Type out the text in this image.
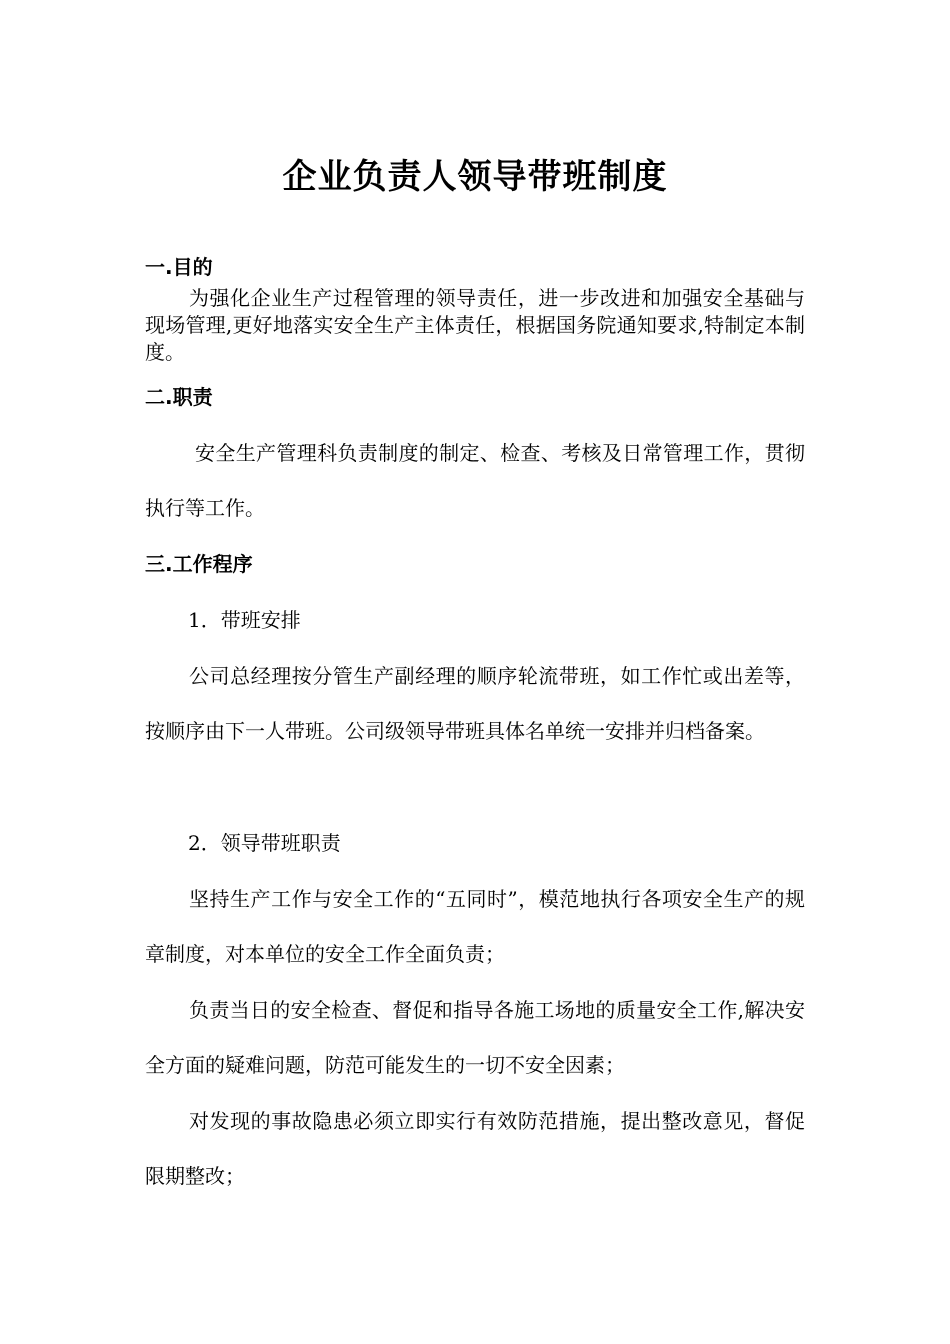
企业负责人领导带班制度
一.目的
为强化企业生产过程管理的领导责任，进一步改进和加强安全基础与现场管理,更好地落实安全生产主体责任，根据国务院通知要求,特制定本制度。
二.职责
安全生产管理科负责制度的制定、检查、考核及日常管理工作，贯彻执行等工作。
三.工作程序
1．带班安排
公司总经理按分管生产副经理的顺序轮流带班，如工作忙或出差等，按顺序由下一人带班。公司级领导带班具体名单统一安排并归档备案。
2．领导带班职责
坚持生产工作与安全工作的“五同时”，模范地执行各项安全生产的规章制度，对本单位的安全工作全面负责；
负责当日的安全检查、督促和指导各施工场地的质量安全工作,解决安全方面的疑难问题，防范可能发生的一切不安全因素；
对发现的事故隐患必须立即实行有效防范措施，提出整改意见，督促限期整改；
